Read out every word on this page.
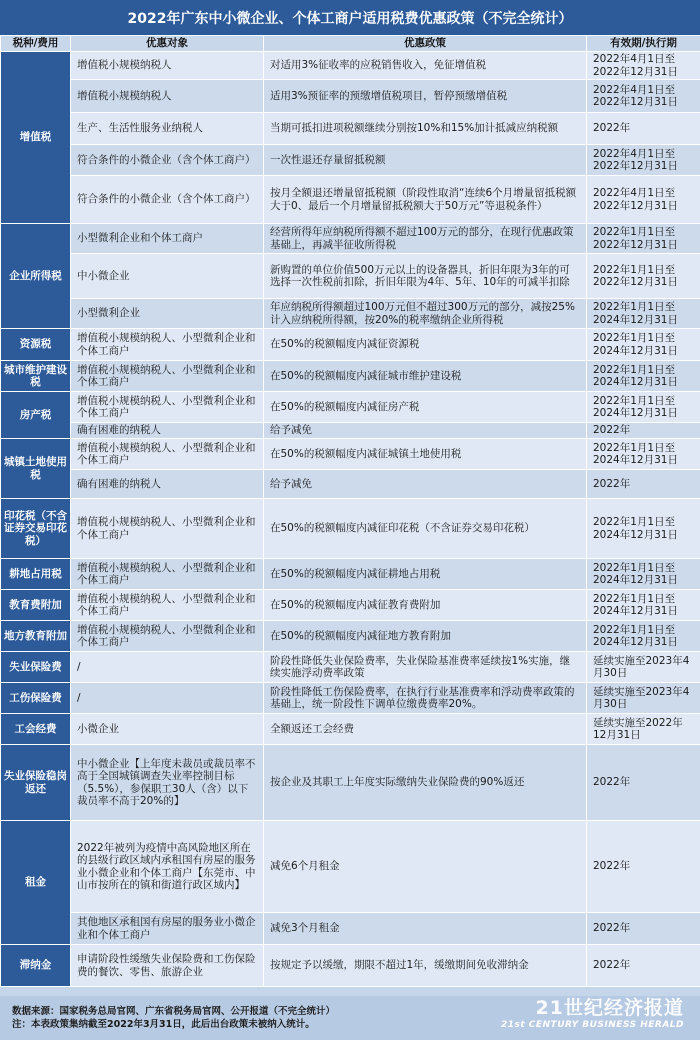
2022年广东中小微企业、个体工商户适用税费优惠政策（不完全统计）
税种/费用	优惠对象	优惠政策	有效期/执行期
增值税	增值税小规模纳税人	对适用3%征收率的应税销售收入，免征增值税	2022年4月1日至2022年12月31日
	增值税小规模纳税人	适用3%预征率的预缴增值税项目，暂停预缴增值税	2022年4月1日至2022年12月31日
	生产、生活性服务业纳税人	当期可抵扣进项税额继续分别按10%和15%加计抵减应纳税额	2022年
	符合条件的小微企业（含个体工商户）	一次性退还存量留抵税额	2022年4月1日至2022年12月31日
	符合条件的小微企业（含个体工商户）	按月全额退还增量留抵税额（阶段性取消“连续6个月增量留抵税额大于0、最后一个月增量留抵税额大于50万元”等退税条件）	2022年4月1日至2022年12月31日
企业所得税	小型微利企业和个体工商户	经营所得年应纳税所得额不超过100万元的部分，在现行优惠政策基础上，再减半征收所得税	2022年1月1日至2022年12月31日
	中小微企业	新购置的单位价值500万元以上的设备器具，折旧年限为3年的可选择一次性税前扣除，折旧年限为4年、5年、10年的可减半扣除	2022年1月1日至2022年12月31日
	小型微利企业	年应纳税所得额超过100万元但不超过300万元的部分，减按25%计入应纳税所得额，按20%的税率缴纳企业所得税	2022年1月1日至2024年12月31日
资源税	增值税小规模纳税人、小型微利企业和个体工商户	在50%的税额幅度内减征资源税	2022年1月1日至2024年12月31日
城市维护建设税	增值税小规模纳税人、小型微利企业和个体工商户	在50%的税额幅度内减征城市维护建设税	2022年1月1日至2024年12月31日
房产税	增值税小规模纳税人、小型微利企业和个体工商户	在50%的税额幅度内减征房产税	2022年1月1日至2024年12月31日
	确有困难的纳税人	给予减免	2022年
城镇土地使用税	增值税小规模纳税人、小型微利企业和个体工商户	在50%的税额幅度内减征城镇土地使用税	2022年1月1日至2024年12月31日
	确有困难的纳税人	给予减免	2022年
印花税（不含证券交易印花税）	增值税小规模纳税人、小型微利企业和个体工商户	在50%的税额幅度内减征印花税（不含证券交易印花税）	2022年1月1日至2024年12月31日
耕地占用税	增值税小规模纳税人、小型微利企业和个体工商户	在50%的税额幅度内减征耕地占用税	2022年1月1日至2024年12月31日
教育费附加	增值税小规模纳税人、小型微利企业和个体工商户	在50%的税额幅度内减征教育费附加	2022年1月1日至2024年12月31日
地方教育附加	增值税小规模纳税人、小型微利企业和个体工商户	在50%的税额幅度内减征地方教育附加	2022年1月1日至2024年12月31日
失业保险费	/	阶段性降低失业保险费率，失业保险基准费率延续按1%实施，继续实施浮动费率政策	延续实施至2023年4月30日
工伤保险费	/	阶段性降低工伤保险费率，在执行行业基准费率和浮动费率政策的基础上，统一阶段性下调单位缴费费率20%。	延续实施至2023年4月30日
工会经费	小微企业	全额返还工会经费	延续实施至2022年12月31日
失业保险稳岗返还	中小微企业【上年度未裁员或裁员率不高于全国城镇调查失业率控制目标（5.5%），参保职工30人（含）以下裁员率不高于20%的】	按企业及其职工上年度实际缴纳失业保险费的90%返还	2022年
租金	2022年被列为疫情中高风险地区所在的县级行政区域内承租国有房屋的服务业小微企业和个体工商户【东莞市、中山市按所在的镇和街道行政区域内】	减免6个月租金	2022年
	其他地区承租国有房屋的服务业小微企业和个体工商户	减免3个月租金	2022年
滞纳金	申请阶段性缓缴失业保险费和工伤保险费的餐饮、零售、旅游企业	按规定予以缓缴，期限不超过1年，缓缴期间免收滞纳金	2022年
数据来源：国家税务总局官网、广东省税务局官网、公开报道（不完全统计）
注：本表政策集纳截至2022年3月31日，此后出台政策未被纳入统计。
21世纪经济报道
21st CENTURY BUSINESS HERALD
